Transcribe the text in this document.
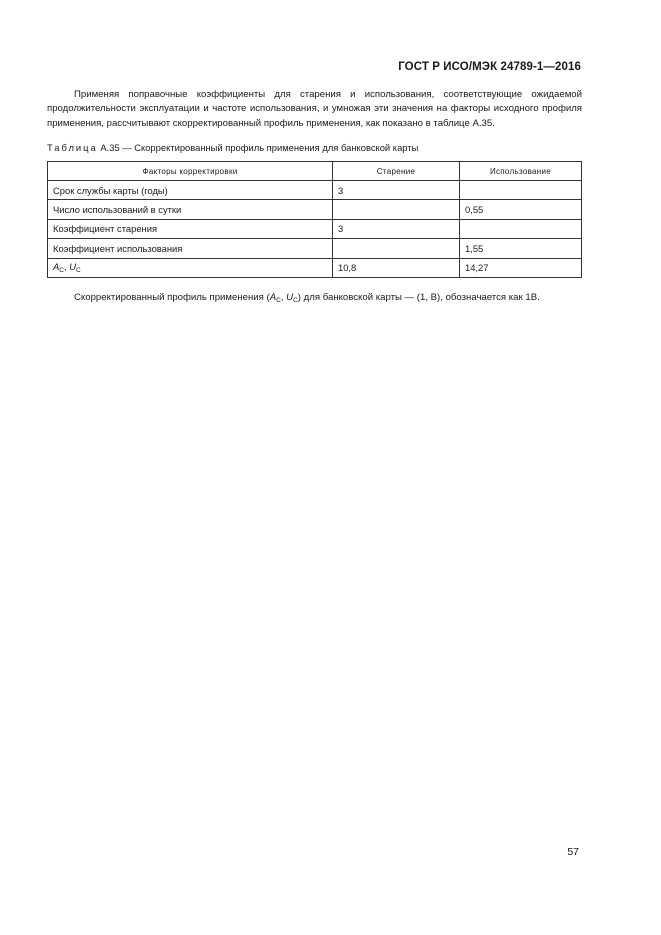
ГОСТ Р ИСО/МЭК 24789-1—2016

Применяя поправочные коэффициенты для старения и использования, соответствующие ожидаемой продолжительности эксплуатации и частоте использования, и умножая эти значения на факторы исходного профиля применения, рассчитывают скорректированный профиль применения, как показано в таблице А.35.

Таблица А.35 — Скорректированный профиль применения для банковской карты
Факторы корректировки	Старение	Использование
Срок службы карты (годы)	3	
Число использований в сутки		0,55
Коэффициент старения	3	
Коэффициент использования		1,55
$A_C$, $U_C$	10,8	14,27
Скорректированный профиль применения ($A_C$, $U_C$) для банковской карты — (1, B), обозначается как 1B.
57
